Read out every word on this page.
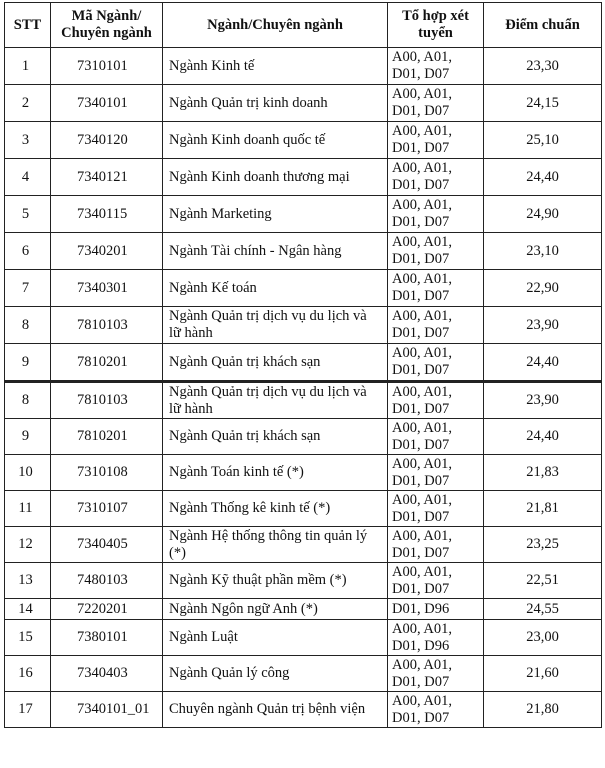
STT	Mã Ngành/ Chuyên ngành	Ngành/Chuyên ngành	Tổ hợp xét tuyển	Điểm chuẩn
1	7310101	Ngành Kinh tế	A00, A01, D01, D07	23,30
2	7340101	Ngành Quản trị kinh doanh	A00, A01, D01, D07	24,15
3	7340120	Ngành Kinh doanh quốc tế	A00, A01, D01, D07	25,10
4	7340121	Ngành Kinh doanh thương mại	A00, A01, D01, D07	24,40
5	7340115	Ngành Marketing	A00, A01, D01, D07	24,90
6	7340201	Ngành Tài chính - Ngân hàng	A00, A01, D01, D07	23,10
7	7340301	Ngành Kế toán	A00, A01, D01, D07	22,90
8	7810103	Ngành Quản trị dịch vụ du lịch và lữ hành	A00, A01, D01, D07	23,90
9	7810201	Ngành Quản trị khách sạn	A00, A01, D01, D07	24,40
8	7810103	Ngành Quản trị dịch vụ du lịch và lữ hành	A00, A01, D01, D07	23,90
9	7810201	Ngành Quản trị khách sạn	A00, A01, D01, D07	24,40
10	7310108	Ngành Toán kinh tế (*)	A00, A01, D01, D07	21,83
11	7310107	Ngành Thống kê kinh tế (*)	A00, A01, D01, D07	21,81
12	7340405	Ngành Hệ thống thông tin quản lý (*)	A00, A01, D01, D07	23,25
13	7480103	Ngành Kỹ thuật phần mềm (*)	A00, A01, D01, D07	22,51
14	7220201	Ngành Ngôn ngữ Anh (*)	D01, D96	24,55
15	7380101	Ngành Luật	A00, A01, D01, D96	23,00
16	7340403	Ngành Quản lý công	A00, A01, D01, D07	21,60
17	7340101_01	Chuyên ngành Quản trị bệnh viện	A00, A01, D01, D07	21,80
